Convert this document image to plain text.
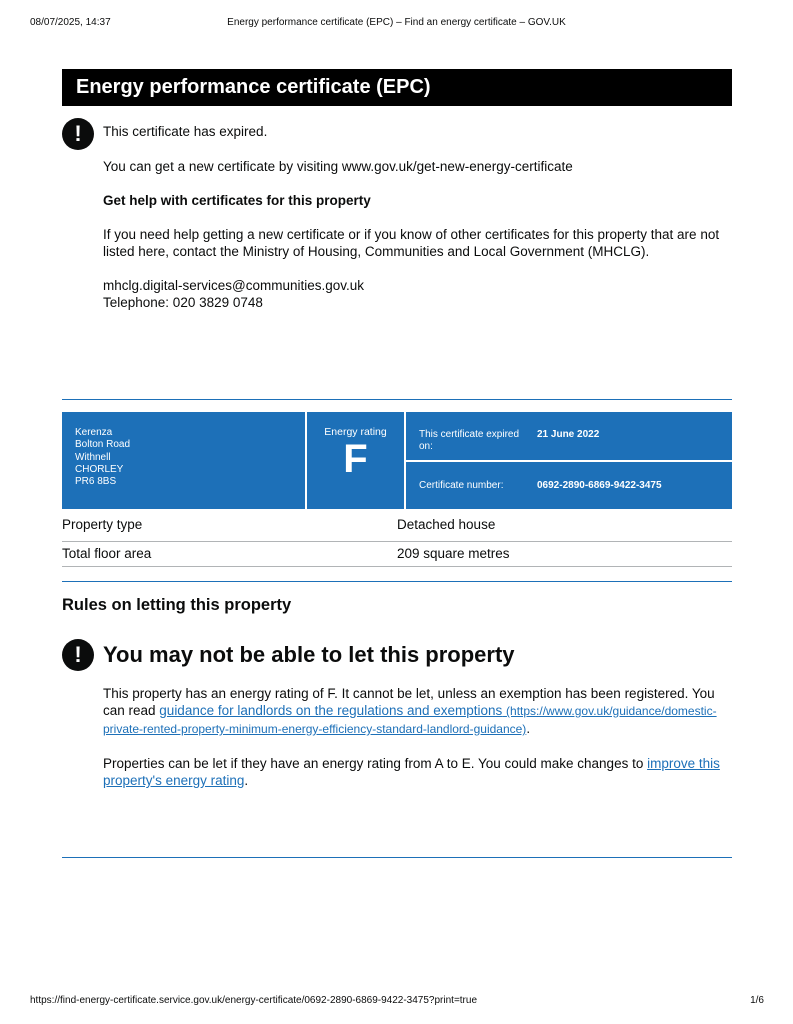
08/07/2025, 14:37	Energy performance certificate (EPC) – Find an energy certificate – GOV.UK
Energy performance certificate (EPC)
!	This certificate has expired.

You can get a new certificate by visiting www.gov.uk/get-new-energy-certificate

Get help with certificates for this property

If you need help getting a new certificate or if you know of other certificates for this property that are not listed here, contact the Ministry of Housing, Communities and Local Government (MHCLG).

mhclg.digital-services@communities.gov.uk

Telephone: 020 3829 0748

Kerenza
Bolton Road
Withnell
CHORLEY
PR6 8BS
Energy rating
F
This certificate expired on:
21 June 2022
Certificate number:	0692-2890-6869-9422-3475
Property type	Detached house
Total floor area	209 square metres
Rules on letting this property
! You may not be able to let this property

This property has an energy rating of F. It cannot be let, unless an exemption has been registered. You can read guidance for landlords on the regulations and exemptions (https://www.gov.uk/guidance/domestic-private-rented-property-minimum-energy-efficiency-standard-landlord-guidance).

Properties can be let if they have an energy rating from A to E. You could make changes to improve this property's energy rating.

https://find-energy-certificate.service.gov.uk/energy-certificate/0692-2890-6869-9422-3475?print=true	1/6
